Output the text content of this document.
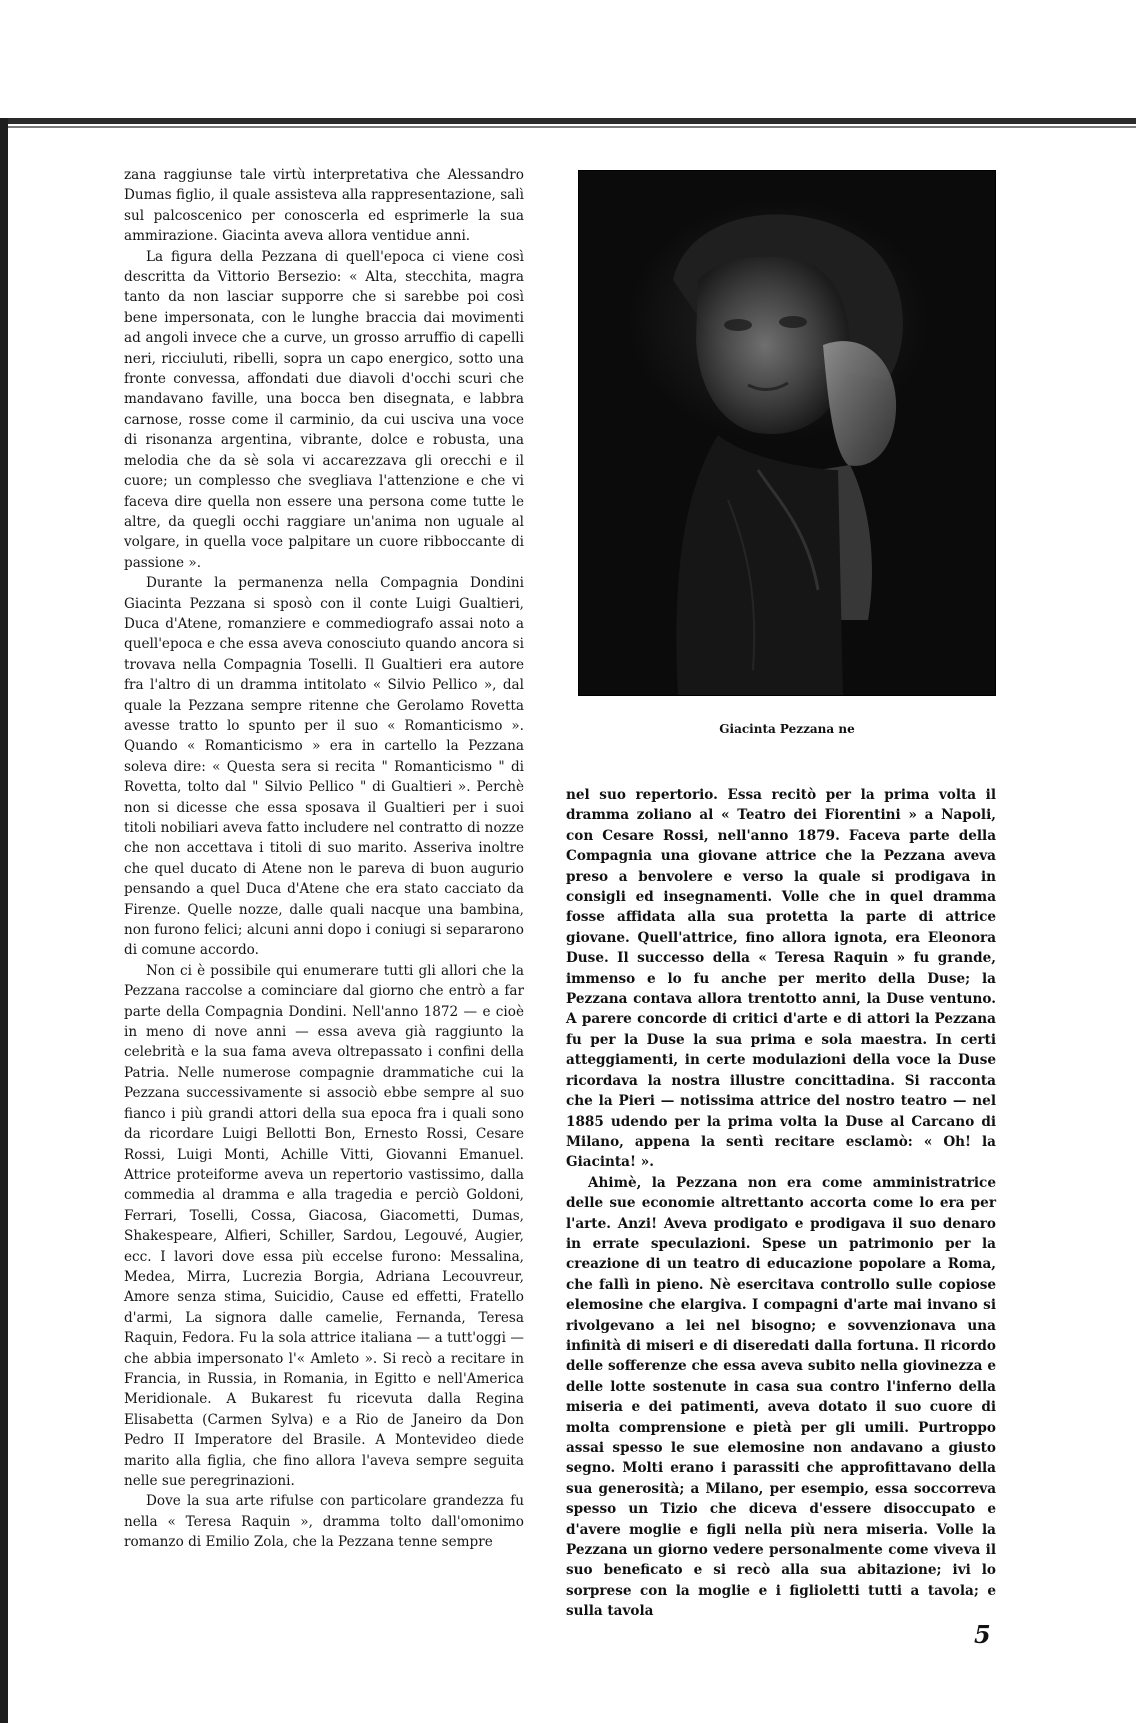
zana raggiunse tale virtù interpretativa che Alessandro Dumas figlio, il quale assisteva alla rappresentazione, salì sul palcoscenico per conoscerla ed esprimerle la sua ammirazione. Giacinta aveva allora ventidue anni.

La figura della Pezzana di quell'epoca ci viene così descritta da Vittorio Bersezio: « Alta, stecchita, magra tanto da non lasciar supporre che si sarebbe poi così bene impersonata, con le lunghe braccia dai movimenti ad angoli invece che a curve, un grosso arruffio di capelli neri, ricciuluti, ribelli, sopra un capo energico, sotto una fronte convessa, affondati due diavoli d'occhi scuri che mandavano faville, una bocca ben disegnata, e labbra carnose, rosse come il carminio, da cui usciva una voce di risonanza argentina, vibrante, dolce e robusta, una melodia che da sè sola vi accarezzava gli orecchi e il cuore; un complesso che svegliava l'attenzione e che vi faceva dire quella non essere una persona come tutte le altre, da quegli occhi raggiare un'anima non uguale al volgare, in quella voce palpitare un cuore ribboccante di passione ».

Durante la permanenza nella Compagnia Dondini Giacinta Pezzana si sposò con il conte Luigi Gualtieri, Duca d'Atene, romanziere e commediografo assai noto a quell'epoca e che essa aveva conosciuto quando ancora si trovava nella Compagnia Toselli. Il Gualtieri era autore fra l'altro di un dramma intitolato « Silvio Pellico », dal quale la Pezzana sempre ritenne che Gerolamo Rovetta avesse tratto lo spunto per il suo « Romanticismo ». Quando « Romanticismo » era in cartello la Pezzana soleva dire: « Questa sera si recita " Romanticismo " di Rovetta, tolto dal " Silvio Pellico " di Gualtieri ». Perchè non si dicesse che essa sposava il Gualtieri per i suoi titoli nobiliari aveva fatto includere nel contratto di nozze che non accettava i titoli di suo marito. Asseriva inoltre che quel ducato di Atene non le pareva di buon augurio pensando a quel Duca d'Atene che era stato cacciato da Firenze. Quelle nozze, dalle quali nacque una bambina, non furono felici; alcuni anni dopo i coniugi si separarono di comune accordo.

Non ci è possibile qui enumerare tutti gli allori che la Pezzana raccolse a cominciare dal giorno che entrò a far parte della Compagnia Dondini. Nell'anno 1872 — e cioè in meno di nove anni — essa aveva già raggiunto la celebrità e la sua fama aveva oltrepassato i confini della Patria. Nelle numerose compagnie drammatiche cui la Pezzana successivamente si associò ebbe sempre al suo fianco i più grandi attori della sua epoca fra i quali sono da ricordare Luigi Bellotti Bon, Ernesto Rossi, Cesare Rossi, Luigi Monti, Achille Vitti, Giovanni Emanuel. Attrice proteiforme aveva un repertorio vastissimo, dalla commedia al dramma e alla tragedia e perciò Goldoni, Ferrari, Toselli, Cossa, Giacosa, Giacometti, Dumas, Shakespeare, Alfieri, Schiller, Sardou, Legouvé, Augier, ecc. I lavori dove essa più eccelse furono: Messalina, Medea, Mirra, Lucrezia Borgia, Adriana Lecouvreur, Amore senza stima, Suicidio, Cause ed effetti, Fratello d'armi, La signora dalle camelie, Fernanda, Teresa Raquin, Fedora. Fu la sola attrice italiana — a tutt'oggi — che abbia impersonato l'« Amleto ». Si recò a recitare in Francia, in Russia, in Romania, in Egitto e nell'America Meridionale. A Bukarest fu ricevuta dalla Regina Elisabetta (Carmen Sylva) e a Rio de Janeiro da Don Pedro II Imperatore del Brasile. A Montevideo diede marito alla figlia, che fino allora l'aveva sempre seguita nelle sue peregrinazioni.

Dove la sua arte rifulse con particolare grandezza fu nella « Teresa Raquin », dramma tolto dall'omonimo romanzo di Emilio Zola, che la Pezzana tenne sempre

Giacinta Pezzana ne

nel suo repertorio. Essa recitò per la prima volta il dramma zoliano al « Teatro dei Fiorentini » a Napoli, con Cesare Rossi, nell'anno 1879. Faceva parte della Compagnia una giovane attrice che la Pezzana aveva preso a benvolere e verso la quale si prodigava in consigli ed insegnamenti. Volle che in quel dramma fosse affidata alla sua protetta la parte di attrice giovane. Quell'attrice, fino allora ignota, era Eleonora Duse. Il successo della « Teresa Raquin » fu grande, immenso e lo fu anche per merito della Duse; la Pezzana contava allora trentotto anni, la Duse ventuno. A parere concorde di critici d'arte e di attori la Pezzana fu per la Duse la sua prima e sola maestra. In certi atteggiamenti, in certe modulazioni della voce la Duse ricordava la nostra illustre concittadina. Si racconta che la Pieri — notissima attrice del nostro teatro — nel 1885 udendo per la prima volta la Duse al Carcano di Milano, appena la sentì recitare esclamò: « Oh! la Giacinta! ».

Ahimè, la Pezzana non era come amministratrice delle sue economie altrettanto accorta come lo era per l'arte. Anzi! Aveva prodigato e prodigava il suo denaro in errate speculazioni. Spese un patrimonio per la creazione di un teatro di educazione popolare a Roma, che fallì in pieno. Nè esercitava controllo sulle copiose elemosine che elargiva. I compagni d'arte mai invano si rivolgevano a lei nel bisogno; e sovvenzionava una infinità di miseri e di diseredati dalla fortuna. Il ricordo delle sofferenze che essa aveva subito nella giovinezza e delle lotte sostenute in casa sua contro l'inferno della miseria e dei patimenti, aveva dotato il suo cuore di molta comprensione e pietà per gli umili. Purtroppo assai spesso le sue elemosine non andavano a giusto segno. Molti erano i parassiti che approfittavano della sua generosità; a Milano, per esempio, essa soccorreva spesso un Tizio che diceva d'essere disoccupato e d'avere moglie e figli nella più nera miseria. Volle la Pezzana un giorno vedere personalmente come viveva il suo beneficato e si recò alla sua abitazione; ivi lo sorprese con la moglie e i figlioletti tutti a tavola; e sulla tavola

5
